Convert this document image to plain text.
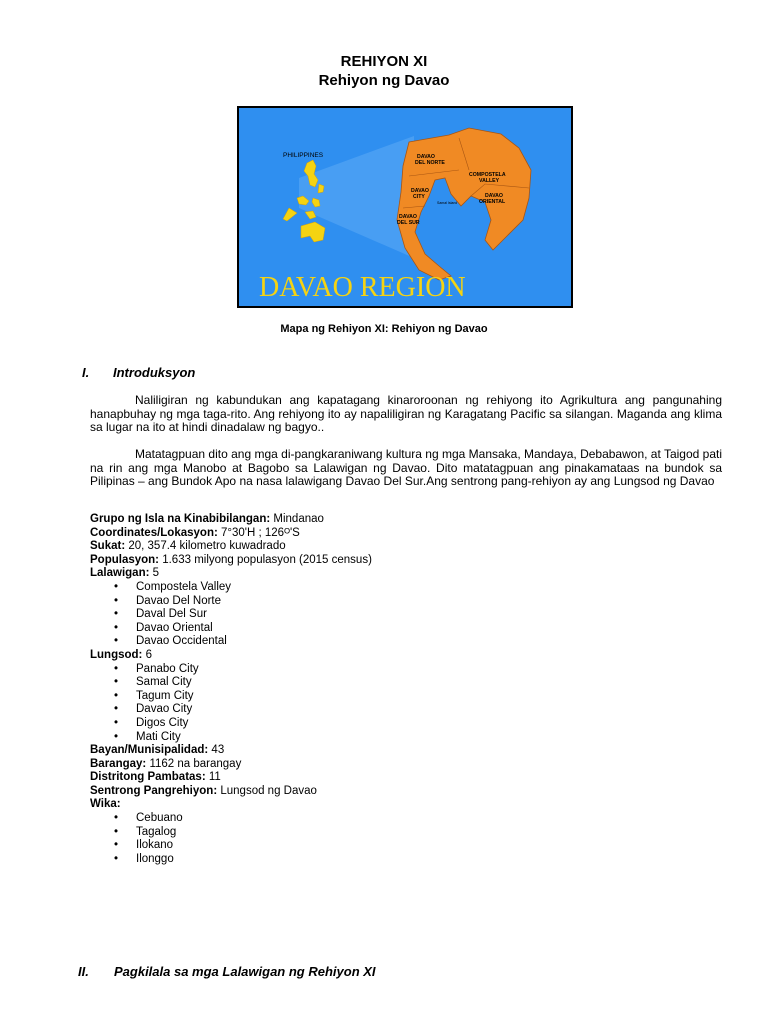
REHIYON XI
Rehiyon ng Davao
PHILIPPINES	DAVAO
DEL NORTE
COMPOSTELA
VALLEY
DAVAO
CITY	DAVAO
ORIENTAL
DAVAO
DEL SUR
Samal Island
DAVAO REGION
Mapa ng Rehiyon XI: Rehiyon ng Davao
I. Introduksyon

Naliligiran ng kabundukan ang kapatagang kinaroroonan ng rehiyong ito Agrikultura ang pangunahing hanapbuhay ng mga taga-rito. Ang rehiyong ito ay napaliligiran ng Karagatang Pacific sa silangan. Maganda ang klima sa lugar na ito at hindi dinadalaw ng bagyo..

Matatagpuan dito ang mga di-pangkaraniwang kultura ng mga Mansaka, Mandaya, Debabawon, at Taigod pati na rin ang mga Manobo at Bagobo sa Lalawigan ng Davao. Dito matatagpuan ang pinakamataas na bundok sa Pilipinas – ang Bundok Apo na nasa lalawigang Davao Del Sur.Ang sentrong pang-rehiyon ay ang Lungsod ng Davao

Grupo ng Isla na Kinabibilangan: Mindanao
Coordinates/Lokasyon: 7°30'H ; 126ᴼ'S
Sukat: 20, 357.4 kilometro kuwadrado
Populasyon: 1.633 milyong populasyon (2015 census)
Lalawigan: 5
• Compostela Valley
• Davao Del Norte
• Daval Del Sur
• Davao Oriental
• Davao Occidental
Lungsod: 6
• Panabo City
• Samal City
• Tagum City
• Davao City
• Digos City
• Mati City
Bayan/Munisipalidad: 43
Barangay: 1162 na barangay
Distritong Pambatas: 11
Sentrong Pangrehiyon: Lungsod ng Davao
Wika:
• Cebuano
• Tagalog
• Ilokano
• Ilonggo
II. Pagkilala sa mga Lalawigan ng Rehiyon XI
